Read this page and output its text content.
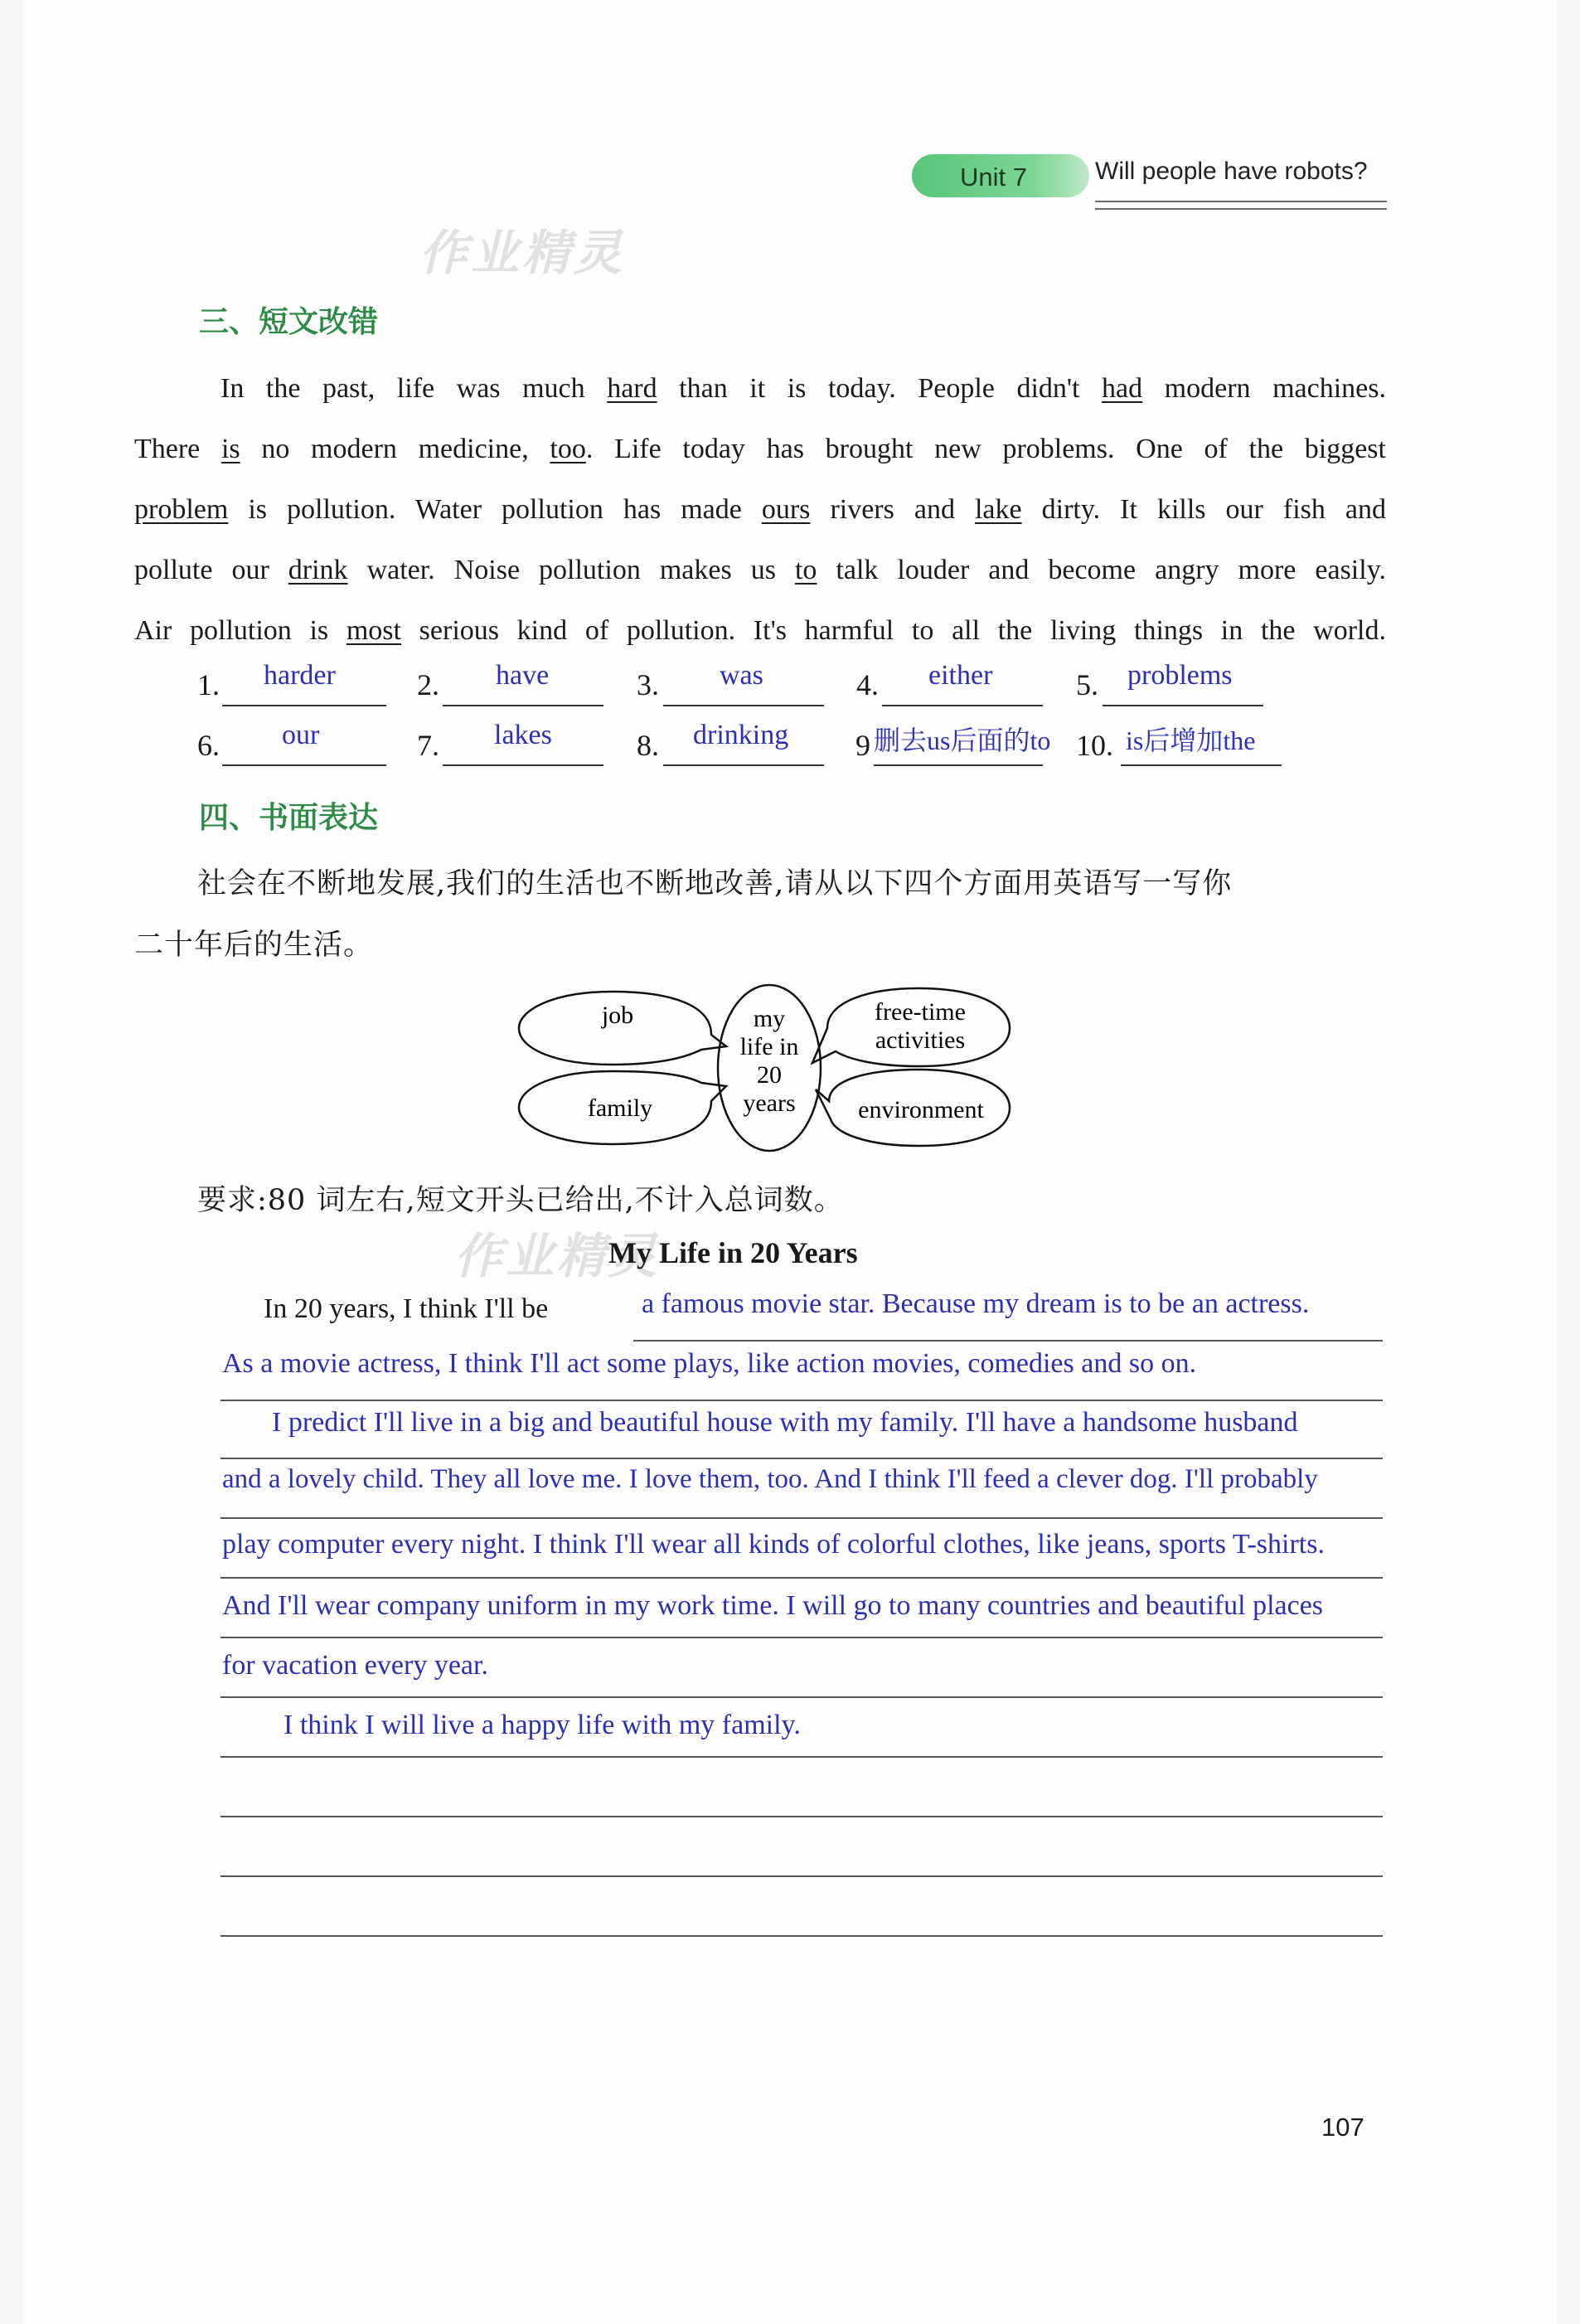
Unit 7	Will people have robots?
作业精灵
三、短文改错
In the past, life was much hard than it is today. People didn't had modern machines.
There is no modern medicine, too. Life today has brought new problems. One of the biggest
problem is pollution. Water pollution has made ours rivers and lake dirty. It kills our fish and
pollute our drink water. Noise pollution makes us to talk louder and become angry more easily.
Air pollution is most serious kind of pollution. It's harmful to all the living things in the world.
1. harder	2. have	3. was	4. either	5. problems
6. our	7. lakes	8. drinking 9 删去us后面的to 10. is后增加the
四、书面表达
社会在不断地发展,我们的生活也不断地改善,请从以下四个方面用英语写一写你
二十年后的生活。
my
life in
20
years
job
family
free-time
activities
environment
要求:80 词左右,短文开头已给出,不计入总词数。
作业精灵
My Life in 20 Years
In 20 years, I think I'll be	a famous movie star. Because my dream is to be an actress.
As a movie actress, I think I'll act some plays, like action movies, comedies and so on.
I predict I'll live in a big and beautiful house with my family. I'll have a handsome husband
and a lovely child. They all love me. I love them, too. And I think I'll feed a clever dog. I'll probably
play computer every night. I think I'll wear all kinds of colorful clothes, like jeans, sports T-shirts.
And I'll wear company uniform in my work time. I will go to many countries and beautiful places
for vacation every year.
I think I will live a happy life with my family.
107
